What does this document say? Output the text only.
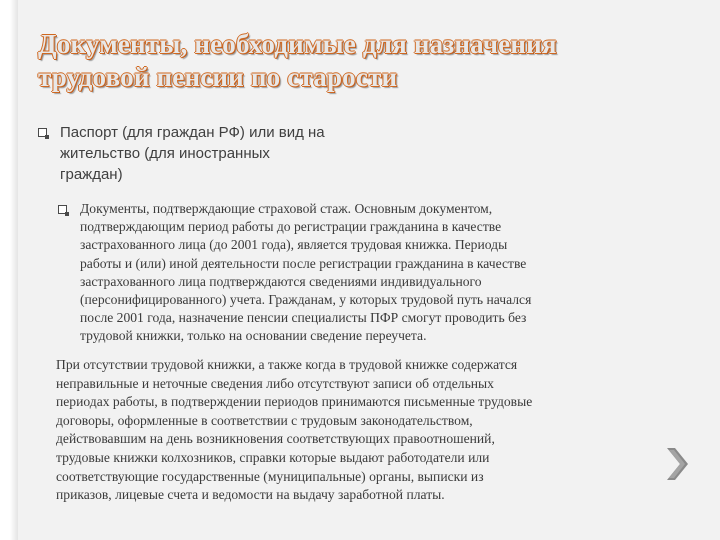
Документы, необходимые для назначения
трудовой пенсии по старости
Паспорт (для граждан РФ) или вид на
жительство (для иностранных
граждан)
Документы, подтверждающие страховой стаж. Основным документом,
подтверждающим период работы до регистрации гражданина в качестве
застрахованного лица (до 2001 года), является трудовая книжка. Периоды
работы и (или) иной деятельности после регистрации гражданина в качестве
застрахованного лица подтверждаются сведениями индивидуального
(персонифицированного) учета. Гражданам, у которых трудовой путь начался
после 2001 года, назначение пенсии специалисты ПФР смогут проводить без
трудовой книжки, только на основании сведение переучета.
При отсутствии трудовой книжки, а также когда в трудовой книжке содержатся
неправильные и неточные сведения либо отсутствуют записи об отдельных
периодах работы, в подтверждении периодов принимаются письменные трудовые
договоры, оформленные в соответствии с трудовым законодательством,
действовавшим на день возникновения соответствующих правоотношений,
трудовые книжки колхозников, справки которые выдают работодатели или
соответствующие государственные (муниципальные) органы, выписки из
приказов, лицевые счета и ведомости на выдачу заработной платы.
